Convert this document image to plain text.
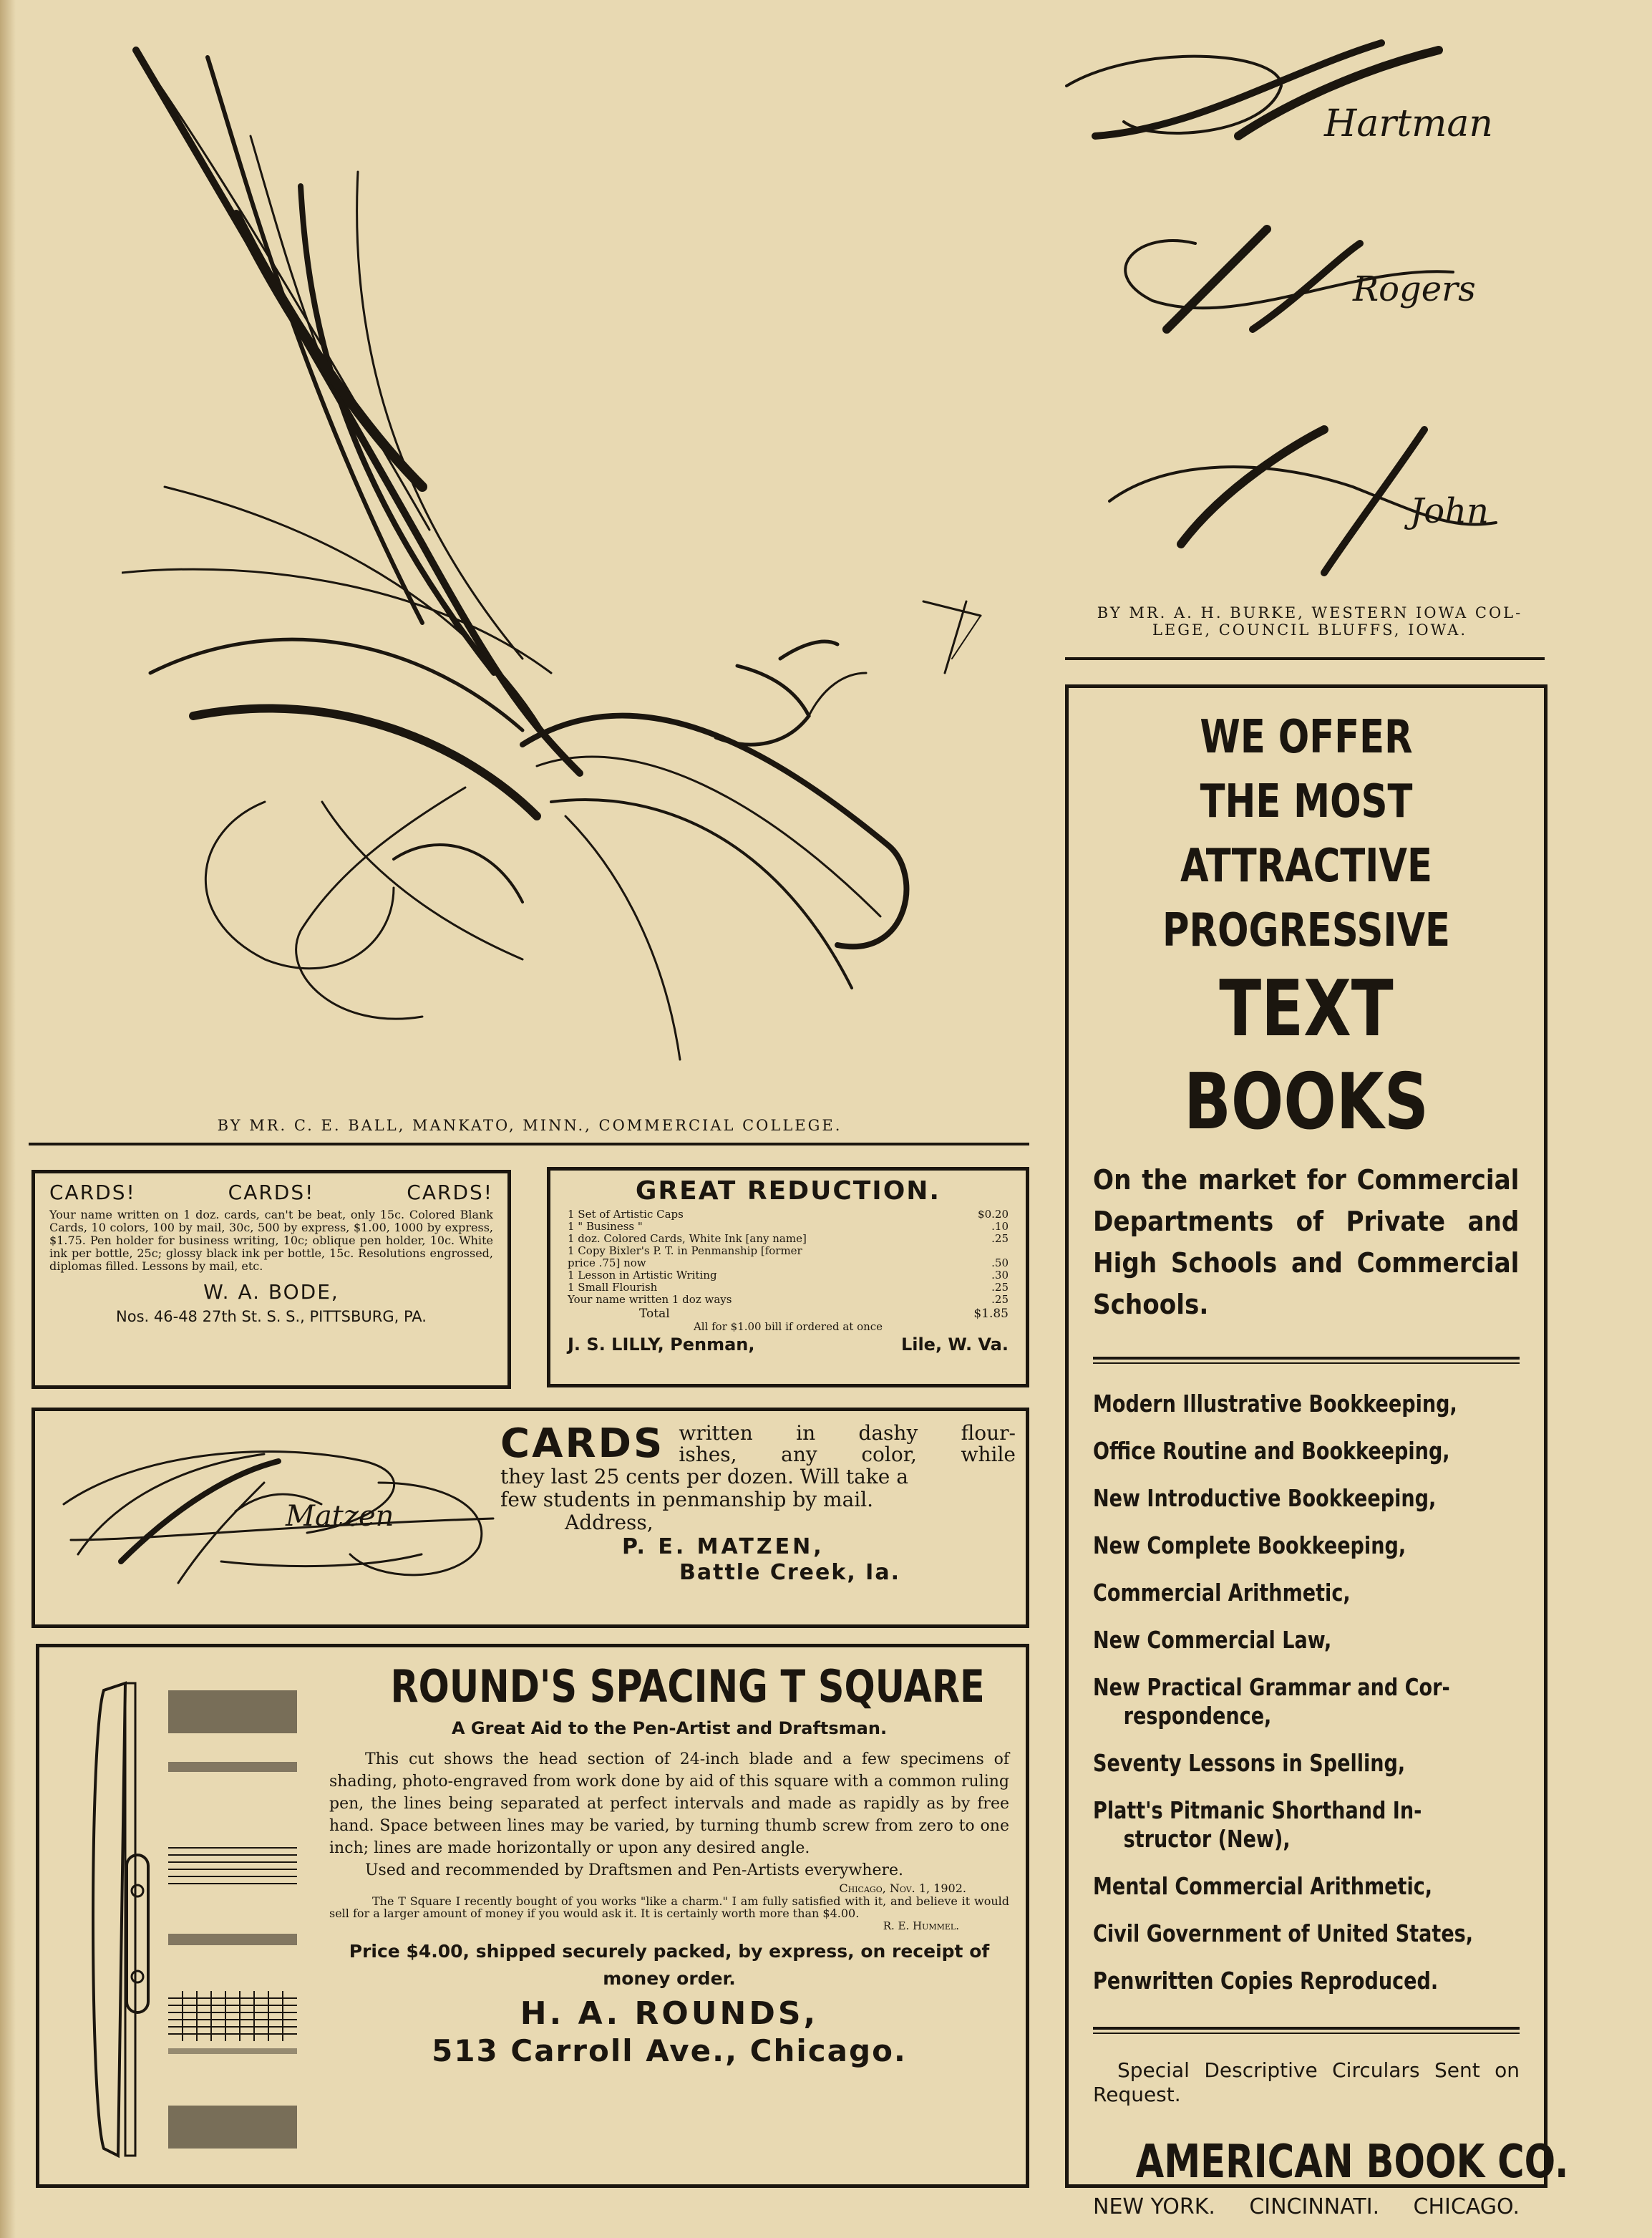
BY MR. C. E. BALL, MANKATO, MINN., COMMERCIAL COLLEGE.
Hartman
Rogers
John
BY MR. A. H. BURKE, WESTERN IOWA COL-
LEGE, COUNCIL BLUFFS, IOWA.
CARDS!	CARDS!	CARDS!
Your name written on 1 doz. cards, can't be beat, only 15c. Colored Blank Cards, 10 colors, 100 by mail, 30c, 500 by express, $1.00, 1000 by express, $1.75. Pen holder for business writing, 10c; oblique pen holder, 10c. White ink per bottle, 25c; glossy black ink per bottle, 15c. Resolutions engrossed, diplomas filled. Lessons by mail, etc.
W. A. BODE,
Nos. 46-48 27th St. S. S., PITTSBURG, PA.
GREAT REDUCTION.
1 Set of Artistic Caps	$0.20
1 " Business "	.10
1 doz. Colored Cards, White Ink [any name]	.25
1 Copy Bixler's P. T. in Penmanship [former
price .75] now	.50
1 Lesson in Artistic Writing	.30
1 Small Flourish	.25
Your name written 1 doz ways	.25
Total	$1.85
All for $1.00 bill if ordered at once
J. S. LILLY, Penman,	Lile, W. Va.
Matzen
CARDS written in dashy flour-
ishes, any color, while
they last 25 cents per dozen. Will take a
few students in penmanship by mail.
Address,
P. E. MATZEN,
Battle Creek, Ia.
ROUND'S SPACING T SQUARE
A Great Aid to the Pen-Artist and Draftsman.
This cut shows the head section of 24-inch blade and a few specimens of shading, photo-engraved from work done by aid of this square with a common ruling pen, the lines being separated at perfect intervals and made as rapidly as by free hand. Space between lines may be varied, by turning thumb screw from zero to one inch; lines are made horizontally or upon any desired angle.
Used and recommended by Draftsmen and Pen-Artists everywhere.
Chicago, Nov. 1, 1902.
The T Square I recently bought of you works "like a charm." I am fully satisfied with it, and believe it would sell for a larger amount of money if you would ask it. It is certainly worth more than $4.00.
R. E. Hummel.
Price $4.00, shipped securely packed, by express, on receipt of money order.
H. A. ROUNDS,
513 Carroll Ave., Chicago.
WE OFFER
THE MOST
ATTRACTIVE
PROGRESSIVE
TEXT BOOKS
On the market for Commercial Departments of Private and High Schools and Commercial Schools.
Modern Illustrative Bookkeeping,
Office Routine and Bookkeeping,
New Introductive Bookkeeping,
New Complete Bookkeeping,
Commercial Arithmetic,
New Commercial Law,
New Practical Grammar and Cor-
respondence,
Seventy Lessons in Spelling,
Platt's Pitmanic Shorthand In-
structor (New),
Mental Commercial Arithmetic,
Civil Government of United States,
Penwritten Copies Reproduced.
Special Descriptive Circulars Sent on Request.
AMERICAN BOOK CO.
NEW YORK. CINCINNATI. CHICAGO.
